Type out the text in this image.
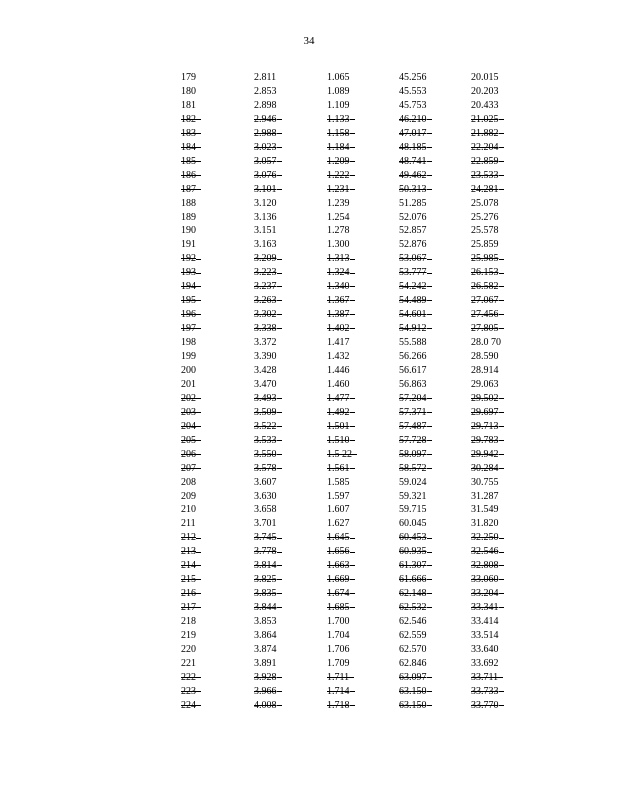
34
179	2.811	1.065	45.256	20.015
180	2.853	1.089	45.553	20.203
181	2.898	1.109	45.753	20.433
182	2.946	1.133	46.210	21.025
183	2.988	1.158	47.017	21.882
184	3.023	1.184	48.185	22.204
185	3.057	1.209	48.741	22.859
186	3.076	1.222	49.462	23.533
187	3.101	1.231	50.313	24.281
188	3.120	1.239	51.285	25.078
189	3.136	1.254	52.076	25.276
190	3.151	1.278	52.857	25.578
191	3.163	1.300	52.876	25.859
192	3.209	1.313	53.067	25.985
193	3.223	1.324	53.777	26.153
194	3.237	1.340	54.242	26.582
195	3.263	1.367	54.489	27.067
196	3.302	1.387	54.601	27.456
197	3.338	1.402	54.912	27.805
198	3.372	1.417	55.588	28.0 70
199	3.390	1.432	56.266	28.590
200	3.428	1.446	56.617	28.914
201	3.470	1.460	56.863	29.063
202	3.493	1.477	57.204	29.502
203	3.509	1.492	57.371	29.697
204	3.522	1.501	57.487	29.713
205	3.533	1.510	57.728	29.783
206	3.550	1.5 22	58.097	29.942
207	3.578	1.561	58.572	30.284
208	3.607	1.585	59.024	30.755
209	3.630	1.597	59.321	31.287
210	3.658	1.607	59.715	31.549
211	3.701	1.627	60.045	31.820
212	3.745	1.645	60.453	32.250
213	3.778	1.656	60.935	32.546
214	3.814	1.663	61.307	32.808
215	3.825	1.669	61.666	33.060
216	3.835	1.674	62.148	33.204
217	3.844	1.685	62.532	33.341
218	3.853	1.700	62.546	33.414
219	3.864	1.704	62.559	33.514
220	3.874	1.706	62.570	33.640
221	3.891	1.709	62.846	33.692
222	3.928	1.711	63.097	33.711
223	3.966	1.714	63.150	33.733
224	4.008	1.718	63.150	33.770
